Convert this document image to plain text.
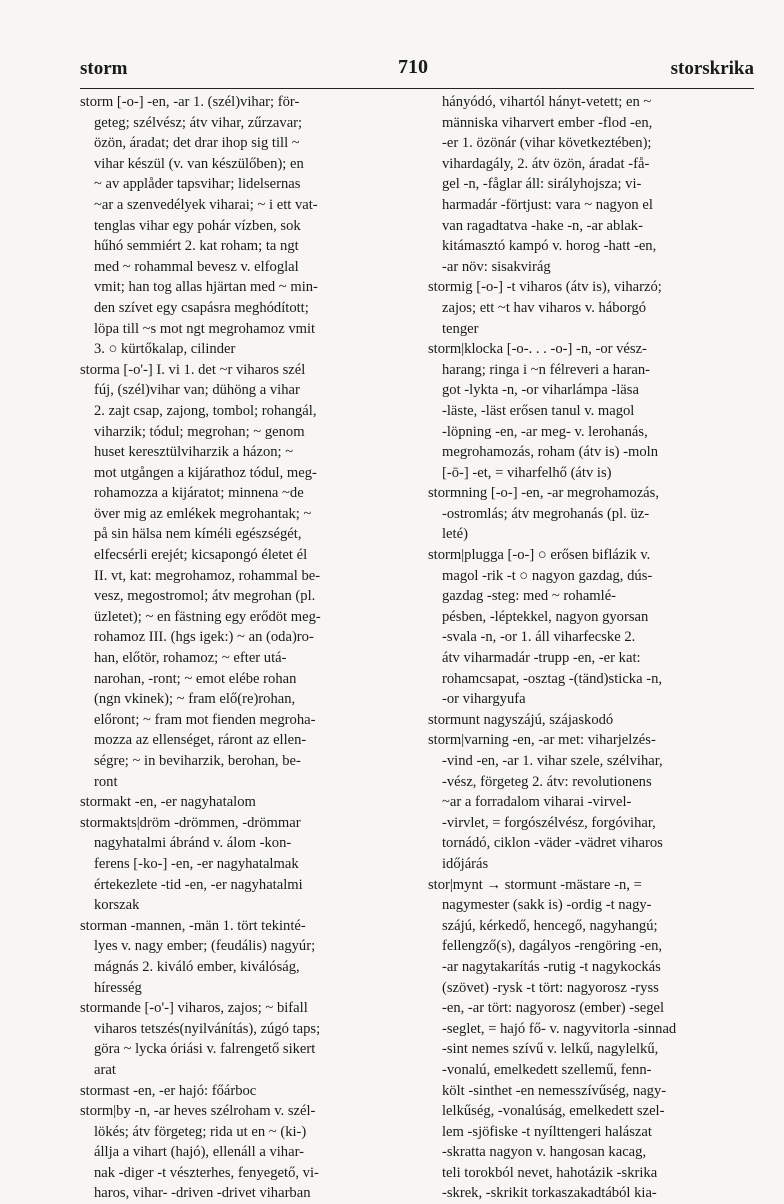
storm	710	storskrika
storm [-o-] -en, -ar 1. (szél)vihar; för-
geteg; szélvész; átv vihar, zűrzavar;
özön, áradat; det drar ihop sig till ~
vihar készül (v. van készülőben); en
~ av applåder tapsvihar; lidelsernas
~ar a szenvedélyek viharai; ~ i ett vat-
tenglas vihar egy pohár vízben, sok
hűhó semmiért 2. kat roham; ta ngt
med ~ rohammal bevesz v. elfoglal
vmit; han tog allas hjärtan med ~ min-
den szívet egy csapásra meghódított;
löpa till ~s mot ngt megrohamoz vmit
3. ○ kürtőkalap, cilinder
storma [-o'-] I. vi 1. det ~r viharos szél
fúj, (szél)vihar van; dühöng a vihar
2. zajt csap, zajong, tombol; rohangál,
viharzik; tódul; megrohan; ~ genom
huset keresztülviharzik a házon; ~
mot utgången a kijárathoz tódul, meg-
rohamozza a kijáratot; minnena ~de
över mig az emlékek megrohantak; ~
på sin hälsa nem kíméli egészségét,
elfecsérli erejét; kicsapongó életet él
II. vt, kat: megrohamoz, rohammal be-
vesz, megostromol; átv megrohan (pl.
üzletet); ~ en fästning egy erődöt meg-
rohamoz III. (hgs igek:) ~ an (oda)ro-
han, előtör, rohamoz; ~ efter utá-
narohan, -ront; ~ emot elébe rohan
(ngn vkinek); ~ fram elő(re)rohan,
előront; ~ fram mot fienden megroha-
mozza az ellenséget, ráront az ellen-
ségre; ~ in beviharzik, berohan, be-
ront
stormakt -en, -er nagyhatalom
stormakts|dröm -drömmen, -drömmar
nagyhatalmi ábránd v. álom -kon-
ferens [-ko-] -en, -er nagyhatalmak
értekezlete -tid -en, -er nagyhatalmi
korszak
storman -mannen, -män 1. tört tekinté-
lyes v. nagy ember; (feudális) nagyúr;
mágnás 2. kiváló ember, kiválóság,
híresség
stormande [-o'-] viharos, zajos; ~ bifall
viharos tetszés(nyilvánítás), zúgó taps;
göra ~ lycka óriási v. falrengető sikert
arat
stormast -en, -er hajó: főárboc
storm|by -n, -ar heves szélroham v. szél-
lökés; átv förgeteg; rida ut en ~ (ki-)
állja a vihart (hajó), ellenáll a vihar-
nak -diger -t vészterhes, fenyegető, vi-
haros, vihar- -driven -drivet viharban
hányódó, vihartól hányt-vetett; en ~
människa viharvert ember -flod -en,
-er 1. özönár (vihar következtében);
vihardagály, 2. átv özön, áradat -få-
gel -n, -fåglar áll: sirályhojsza; vi-
harmadár -förtjust: vara ~ nagyon el
van ragadtatva -hake -n, -ar ablak-
kitámasztó kampó v. horog -hatt -en,
-ar növ: sisakvirág
stormig [-o-] -t viharos (átv is), viharzó;
zajos; ett ~t hav viharos v. háborgó
tenger
storm|klocka [-o-. . . -o-] -n, -or vész-
harang; ringa i ~n félreveri a haran-
got -lykta -n, -or viharlámpa -läsa
-läste, -läst erősen tanul v. magol
-löpning -en, -ar meg- v. lerohanás,
megrohamozás, roham (átv is) -moln
[-ō-] -et, = viharfelhő (átv is)
stormning [-o-] -en, -ar megrohamozás,
-ostromlás; átv megrohanás (pl. üz-
leté)
storm|plugga [-o-] ○ erősen biflázik v.
magol -rik -t ○ nagyon gazdag, dús-
gazdag -steg: med ~ rohamlé-
pésben, -léptekkel, nagyon gyorsan
-svala -n, -or 1. áll viharfecske 2.
átv viharmadár -trupp -en, -er kat:
rohamcsapat, -osztag -(tänd)sticka -n,
-or vihargyufa
stormunt nagyszájú, szájaskodó
storm|varning -en, -ar met: viharjelzés-
-vind -en, -ar 1. vihar szele, szélvihar,
-vész, förgeteg 2. átv: revolutionens
~ar a forradalom viharai -virvel-
-virvlet, = forgószélvész, forgóvihar,
tornádó, ciklon -väder -vädret viharos
időjárás
stor|mynt → stormunt -mästare -n, =
nagymester (sakk is) -ordig -t nagy-
szájú, kérkedő, hencegő, nagyhangú;
fellengző(s), dagályos -rengöring -en,
-ar nagytakarítás -rutig -t nagykockás
(szövet) -rysk -t tört: nagyorosz -ryss
-en, -ar tört: nagyorosz (ember) -segel
-seglet, = hajó fő- v. nagyvitorla -sinnad
-sint nemes szívű v. lelkű, nagylelkű,
-vonalú, emelkedett szellemű, fenn-
költ -sinthet -en nemesszívűség, nagy-
lelkűség, -vonalúság, emelkedett szel-
lem -sjöfiske -t nyílttengeri halászat
-skratta nagyon v. hangosan kacag,
teli torokból nevet, hahotázik -skrika
-skrek, -skrikit torkaszakadtából kia-
